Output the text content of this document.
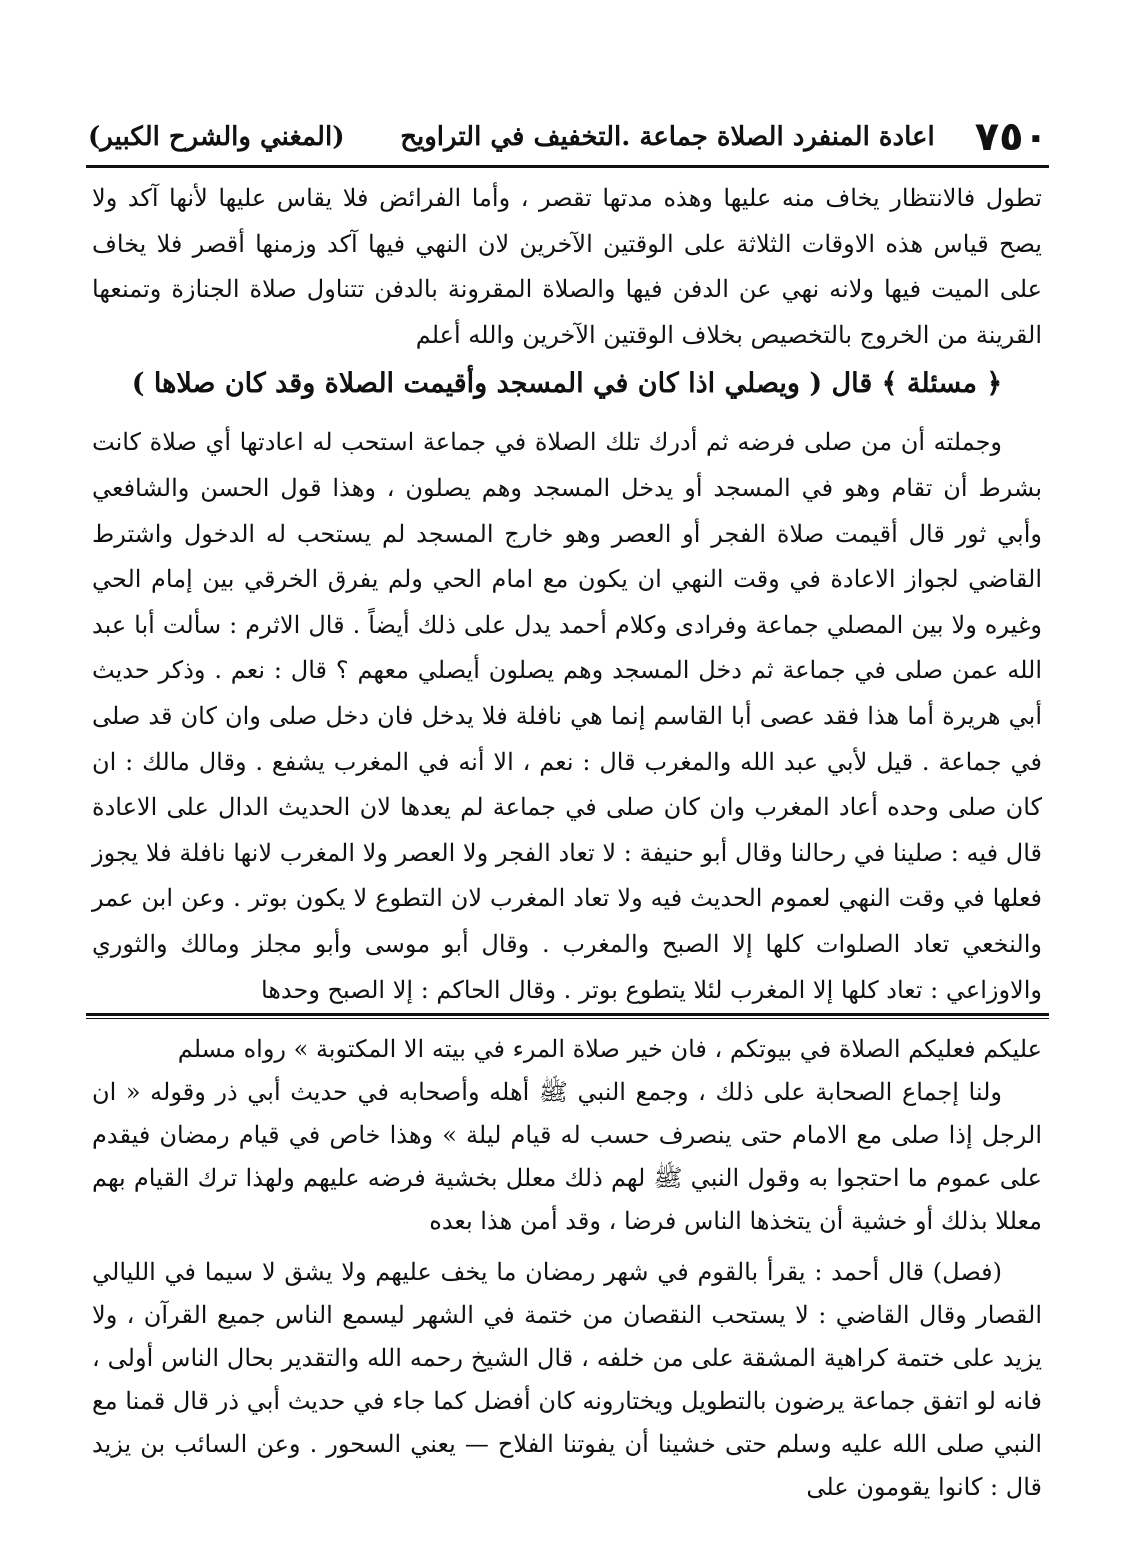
٧٥٠
اعادة المنفرد الصلاة جماعة .التخفيف في التراويح
(المغني والشرح الكبير)

تطول فالانتظار يخاف منه عليها وهذه مدتها تقصر ، وأما الفرائض فلا يقاس عليها لأنها آكد ولا يصح قياس هذه الاوقات الثلاثة على الوقتين الآخرين لان النهي فيها آكد وزمنها أقصر فلا يخاف على الميت فيها ولانه نهي عن الدفن فيها والصلاة المقرونة بالدفن تتناول صلاة الجنازة وتمنعها القرينة من الخروج بالتخصيص بخلاف الوقتين الآخرين والله أعلم

﴿ مسئلة ﴾ قال ( ويصلي اذا كان في المسجد وأقيمت الصلاة وقد كان صلاها )

وجملته أن من صلى فرضه ثم أدرك تلك الصلاة في جماعة استحب له اعادتها أي صلاة كانت بشرط أن تقام وهو في المسجد أو يدخل المسجد وهم يصلون ، وهذا قول الحسن والشافعي وأبي ثور قال أقيمت صلاة الفجر أو العصر وهو خارج المسجد لم يستحب له الدخول واشترط القاضي لجواز الاعادة في وقت النهي ان يكون مع امام الحي ولم يفرق الخرقي بين إمام الحي وغيره ولا بين المصلي جماعة وفرادى وكلام أحمد يدل على ذلك أيضاً . قال الاثرم : سألت أبا عبد الله عمن صلى في جماعة ثم دخل المسجد وهم يصلون أيصلي معهم ؟ قال : نعم . وذكر حديث أبي هريرة أما هذا فقد عصى أبا القاسم إنما هي نافلة فلا يدخل فان دخل صلى وان كان قد صلى في جماعة . قيل لأبي عبد الله والمغرب قال : نعم ، الا أنه في المغرب يشفع . وقال مالك : ان كان صلى وحده أعاد المغرب وان كان صلى في جماعة لم يعدها لان الحديث الدال على الاعادة قال فيه : صلينا في رحالنا وقال أبو حنيفة : لا تعاد الفجر ولا العصر ولا المغرب لانها نافلة فلا يجوز فعلها في وقت النهي لعموم الحديث فيه ولا تعاد المغرب لان التطوع لا يكون بوتر . وعن ابن عمر والنخعي تعاد الصلوات كلها إلا الصبح والمغرب . وقال أبو موسى وأبو مجلز ومالك والثوري والاوزاعي : تعاد كلها إلا المغرب لئلا يتطوع بوتر . وقال الحاكم : إلا الصبح وحدها

عليكم فعليكم الصلاة في بيوتكم ، فان خير صلاة المرء في بيته الا المكتوبة » رواه مسلم

ولنا إجماع الصحابة على ذلك ، وجمع النبي ﷺ أهله وأصحابه في حديث أبي ذر وقوله « ان الرجل إذا صلى مع الامام حتى ينصرف حسب له قيام ليلة » وهذا خاص في قيام رمضان فيقدم على عموم ما احتجوا به وقول النبي ﷺ لهم ذلك معلل بخشية فرضه عليهم ولهذا ترك القيام بهم معللا بذلك أو خشية أن يتخذها الناس فرضا ، وقد أمن هذا بعده

(فصل) قال أحمد : يقرأ بالقوم في شهر رمضان ما يخف عليهم ولا يشق لا سيما في الليالي القصار وقال القاضي : لا يستحب النقصان من ختمة في الشهر ليسمع الناس جميع القرآن ، ولا يزيد على ختمة كراهية المشقة على من خلفه ، قال الشيخ رحمه الله والتقدير بحال الناس أولى ، فانه لو اتفق جماعة يرضون بالتطويل ويختارونه كان أفضل كما جاء في حديث أبي ذر قال قمنا مع النبي صلى الله عليه وسلم حتى خشينا أن يفوتنا الفلاح — يعني السحور . وعن السائب بن يزيد قال : كانوا يقومون على
